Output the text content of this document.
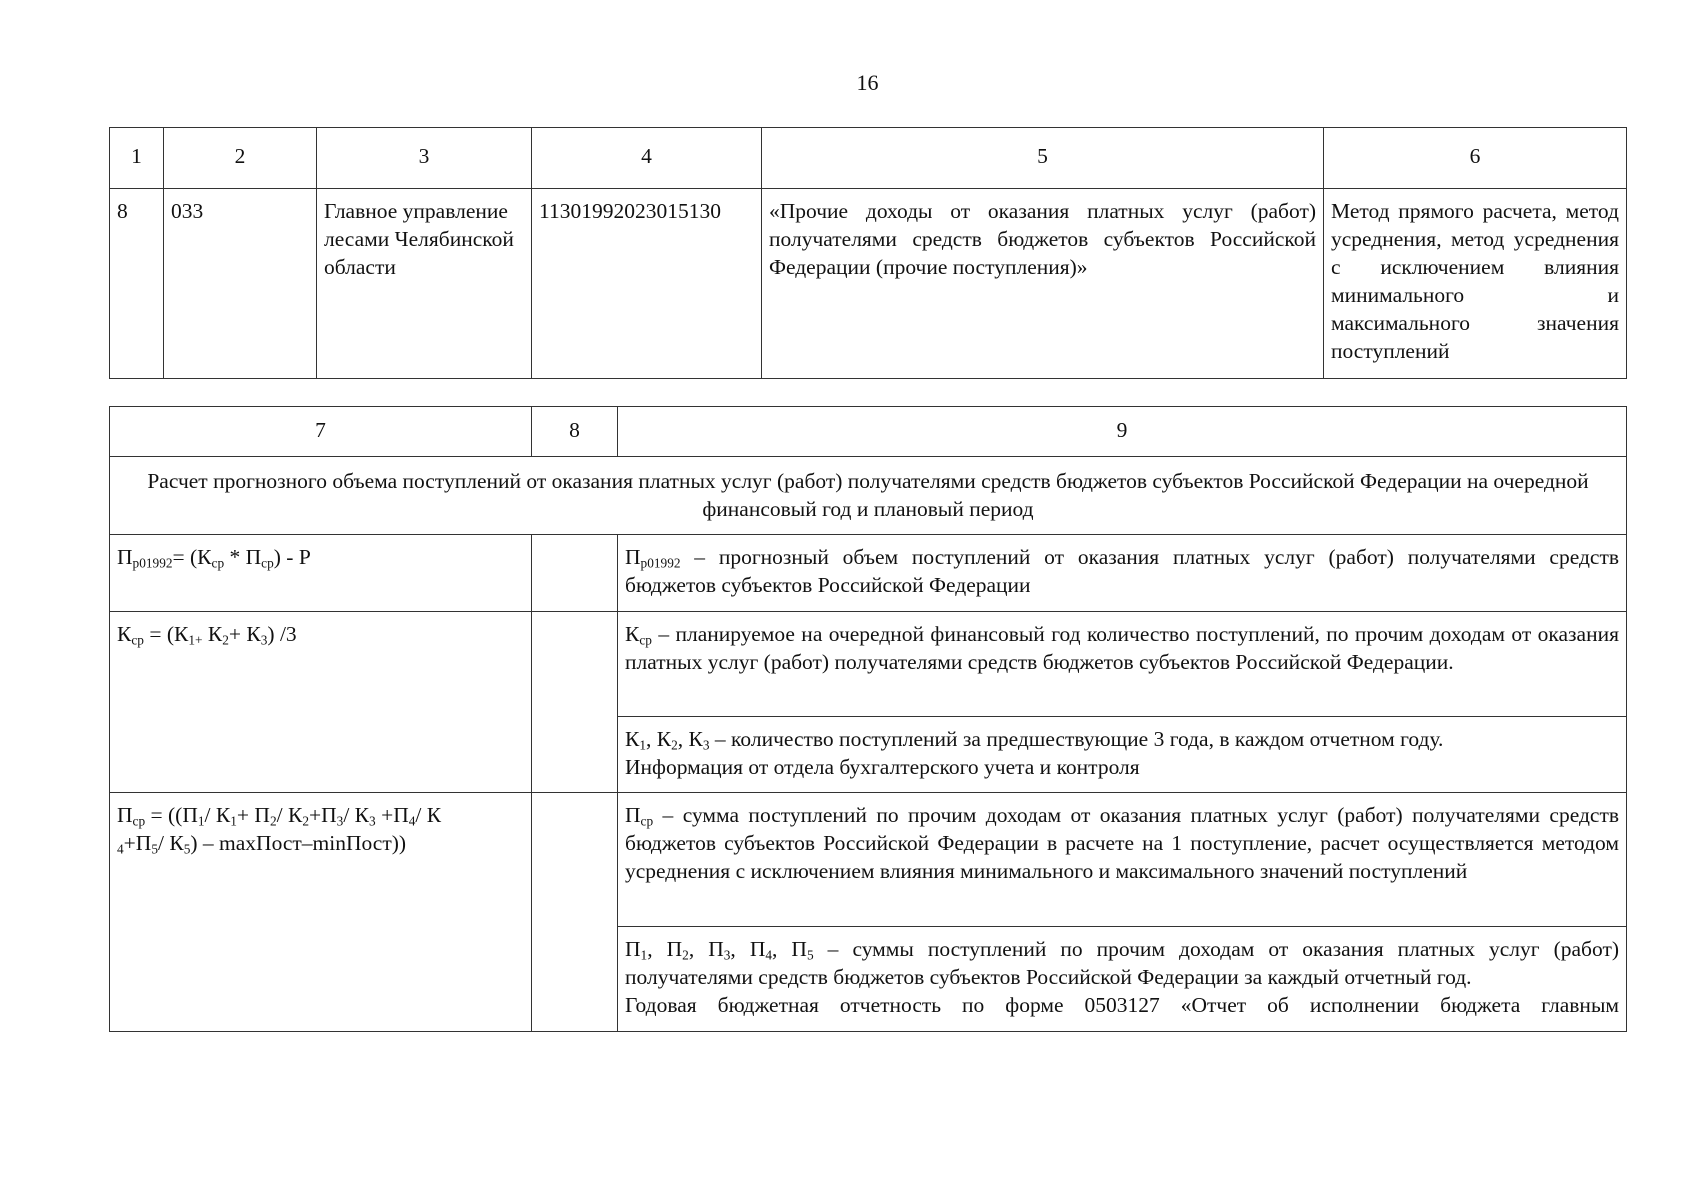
16
1	2	3	4	5	6
8	033	Главное управление лесами Челябинской области	11301992023015130	«Прочие доходы от оказания платных услуг (работ) получателями средств бюджетов субъектов Российской Федерации (прочие поступления)»	Метод прямого расчета, метод усреднения, метод усреднения с исключением влияния минимального и максимального значения поступлений
7	8	9
Расчет прогнозного объема поступлений от оказания платных услуг (работ) получателями средств бюджетов субъектов Российской Федерации на очередной финансовый год и плановый период		
$П_{р01992}= (К_{ср} * П_{ср}) - Р$		$П_{р01992}$ – прогнозный объем поступлений от оказания платных услуг (работ) получателями средств бюджетов субъектов Российской Федерации
$К_{ср} = (К_{1+}$ $К_2+ К_3$) /3		$К_{ср}$ – планируемое на очередной финансовый год количество поступлений, по прочим доходам от оказания платных услуг (работ) получателями средств бюджетов субъектов Российской Федерации.
		$К_1$, $К_2$, $К_3$ – количество поступлений за предшествующие 3 года, в каждом отчетном году.
Информация от отдела бухгалтерского учета и контроля
$П_{ср} = ((П_1/$ $К_1+ П_2/$ $К_2+П_3/$ $К_3 +П_4/$ К
$_4+П_5/$ $К_5$) – maxПост–minПост))		$П_{ср}$ – сумма поступлений по прочим доходам от оказания платных услуг (работ) получателями средств бюджетов субъектов Российской Федерации в расчете на 1 поступление, расчет осуществляется методом усреднения с исключением влияния минимального и максимального значений поступлений
		$П_1$, $П_2$, $П_3$, $П_4$, $П_5$ – суммы поступлений по прочим доходам от оказания платных услуг (работ) получателями средств бюджетов субъектов Российской Федерации за каждый отчетный год.

Годовая бюджетная отчетность по форме 0503127 «Отчет об исполнении бюджета главным
